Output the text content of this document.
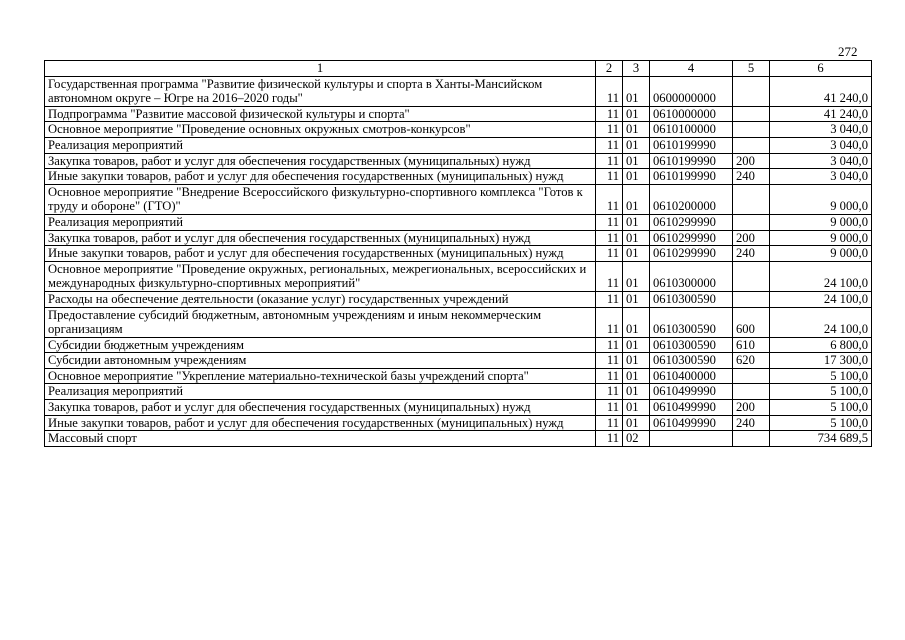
272
1	2	3	4	5	6
Государственная программа "Развитие физической культуры и спорта в Ханты-Мансийском автономном округе – Югре на 2016–2020 годы"	11	01	0600000000		41 240,0
Подпрограмма "Развитие массовой физической культуры и спорта"	11	01	0610000000		41 240,0
Основное мероприятие "Проведение основных окружных смотров-конкурсов"	11	01	0610100000		3 040,0
Реализация мероприятий	11	01	0610199990		3 040,0
Закупка товаров, работ и услуг для обеспечения государственных (муниципальных) нужд	11	01	0610199990	200	3 040,0
Иные закупки товаров, работ и услуг для обеспечения государственных (муниципальных) нужд	11	01	0610199990	240	3 040,0
Основное мероприятие "Внедрение Всероссийского физкультурно-спортивного комплекса "Готов к труду и обороне" (ГТО)"	11	01	0610200000		9 000,0
Реализация мероприятий	11	01	0610299990		9 000,0
Закупка товаров, работ и услуг для обеспечения государственных (муниципальных) нужд	11	01	0610299990	200	9 000,0
Иные закупки товаров, работ и услуг для обеспечения государственных (муниципальных) нужд	11	01	0610299990	240	9 000,0
Основное мероприятие "Проведение окружных, региональных, межрегиональных, всероссийских и международных физкультурно-спортивных мероприятий"	11	01	0610300000		24 100,0
Расходы на обеспечение деятельности (оказание услуг) государственных учреждений	11	01	0610300590		24 100,0
Предоставление субсидий бюджетным, автономным учреждениям и иным некоммерческим организациям	11	01	0610300590	600	24 100,0
Субсидии бюджетным учреждениям	11	01	0610300590	610	6 800,0
Субсидии автономным учреждениям	11	01	0610300590	620	17 300,0
Основное мероприятие "Укрепление материально-технической базы учреждений спорта"	11	01	0610400000		5 100,0
Реализация мероприятий	11	01	0610499990		5 100,0
Закупка товаров, работ и услуг для обеспечения государственных (муниципальных) нужд	11	01	0610499990	200	5 100,0
Иные закупки товаров, работ и услуг для обеспечения государственных (муниципальных) нужд	11	01	0610499990	240	5 100,0
Массовый спорт	11	02			734 689,5
